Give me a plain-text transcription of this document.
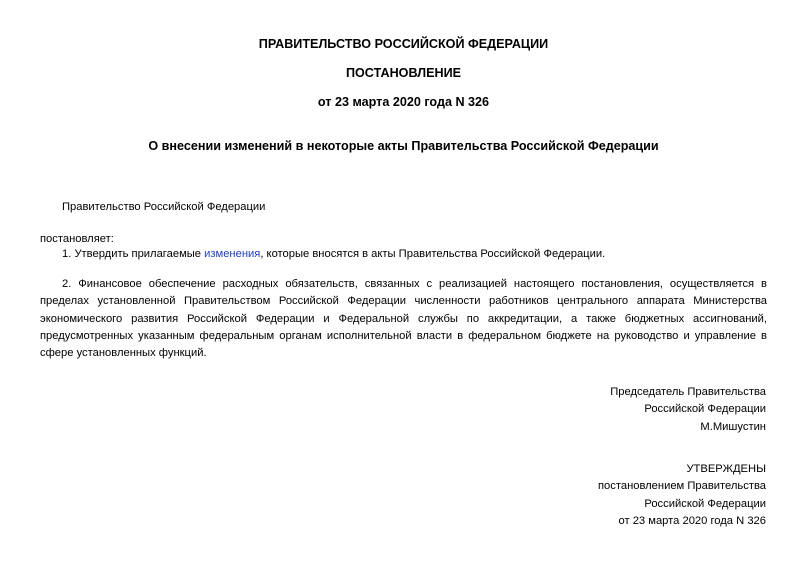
ПРАВИТЕЛЬСТВО РОССИЙСКОЙ ФЕДЕРАЦИИ
ПОСТАНОВЛЕНИЕ
от 23 марта 2020 года N 326
О внесении изменений в некоторые акты Правительства Российской Федерации
Правительство Российской Федерации
постановляет:
1. Утвердить прилагаемые изменения, которые вносятся в акты Правительства Российской Федерации.
2. Финансовое обеспечение расходных обязательств, связанных с реализацией настоящего постановления, осуществляется в пределах установленной Правительством Российской Федерации численности работников центрального аппарата Министерства экономического развития Российской Федерации и Федеральной службы по аккредитации, а также бюджетных ассигнований, предусмотренных указанным федеральным органам исполнительной власти в федеральном бюджете на руководство и управление в сфере установленных функций.
Председатель Правительства
Российской Федерации
М.Мишустин
УТВЕРЖДЕНЫ
постановлением Правительства
Российской Федерации
от 23 марта 2020 года N 326
